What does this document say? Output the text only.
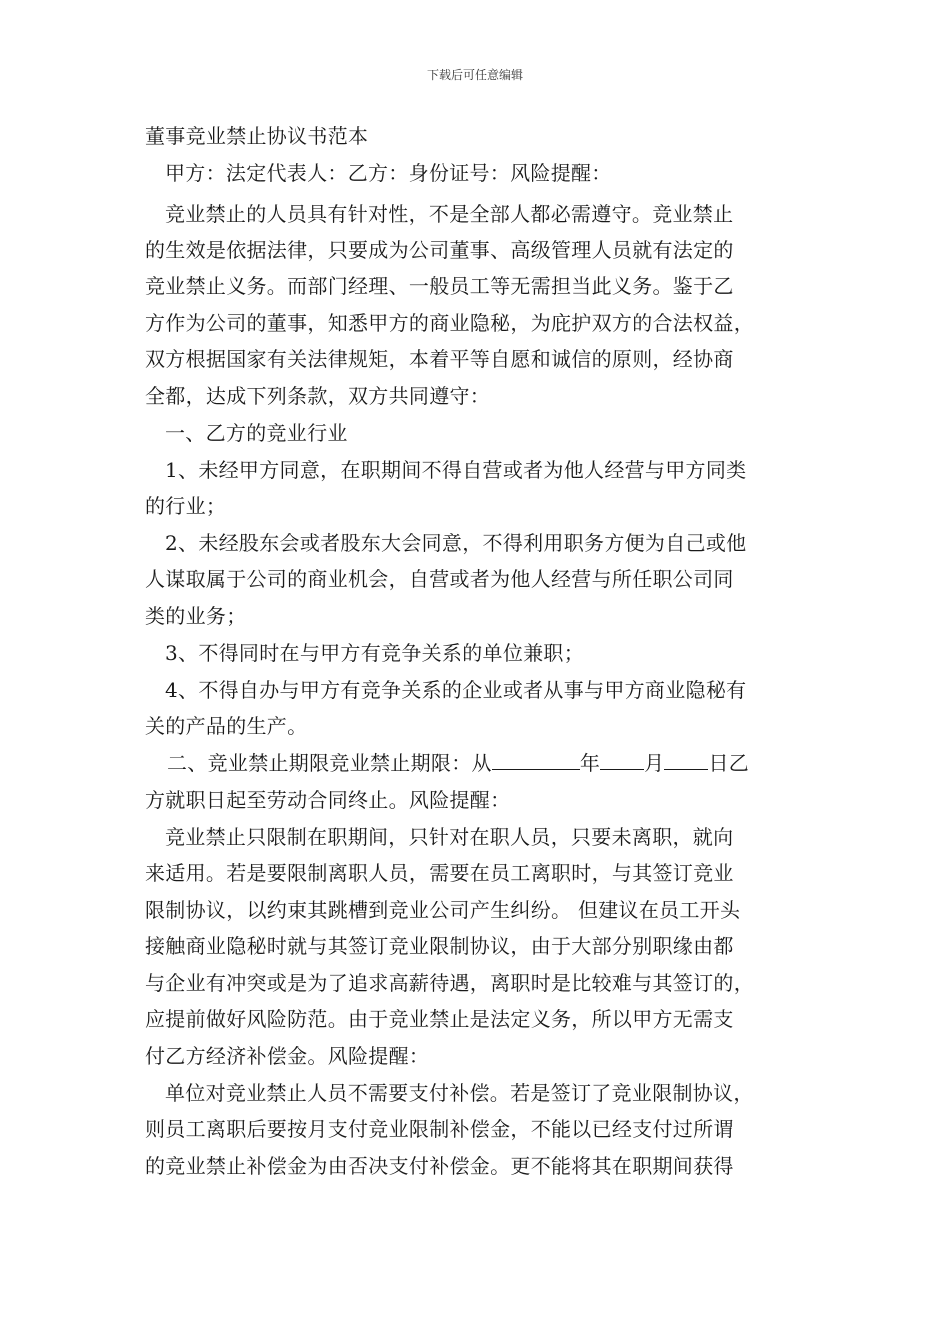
下载后可任意编辑
董事竞业禁止协议书范本
甲方：法定代表人：乙方：身份证号：风险提醒：
竞业禁止的人员具有针对性，不是全部人都必需遵守。竞业禁止
的生效是依据法律，只要成为公司董事、高级管理人员就有法定的
竞业禁止义务。而部门经理、一般员工等无需担当此义务。鉴于乙
方作为公司的董事，知悉甲方的商业隐秘，为庇护双方的合法权益，
双方根据国家有关法律规矩，本着平等自愿和诚信的原则，经协商
全都，达成下列条款，双方共同遵守：
一、乙方的竞业行业
1、未经甲方同意，在职期间不得自营或者为他人经营与甲方同类
的行业；
2、未经股东会或者股东大会同意，不得利用职务方便为自己或他
人谋取属于公司的商业机会，自营或者为他人经营与所任职公司同
类的业务；
3、不得同时在与甲方有竞争关系的单位兼职；
4、不得自办与甲方有竞争关系的企业或者从事与甲方商业隐秘有
关的产品的生产。
二、竞业禁止期限竞业禁止期限：从	年 月 日乙
方就职日起至劳动合同终止。风险提醒：
竞业禁止只限制在职期间，只针对在职人员，只要未离职，就向
来适用。若是要限制离职人员，需要在员工离职时，与其签订竞业
限制协议，以约束其跳槽到竞业公司产生纠纷。 但建议在员工开头
接触商业隐秘时就与其签订竞业限制协议，由于大部分别职缘由都
与企业有冲突或是为了追求高薪待遇，离职时是比较难与其签订的，
应提前做好风险防范。由于竞业禁止是法定义务，所以甲方无需支
付乙方经济补偿金。风险提醒：
单位对竞业禁止人员不需要支付补偿。若是签订了竞业限制协议，
则员工离职后要按月支付竞业限制补偿金，不能以已经支付过所谓
的竞业禁止补偿金为由否决支付补偿金。更不能将其在职期间获得
